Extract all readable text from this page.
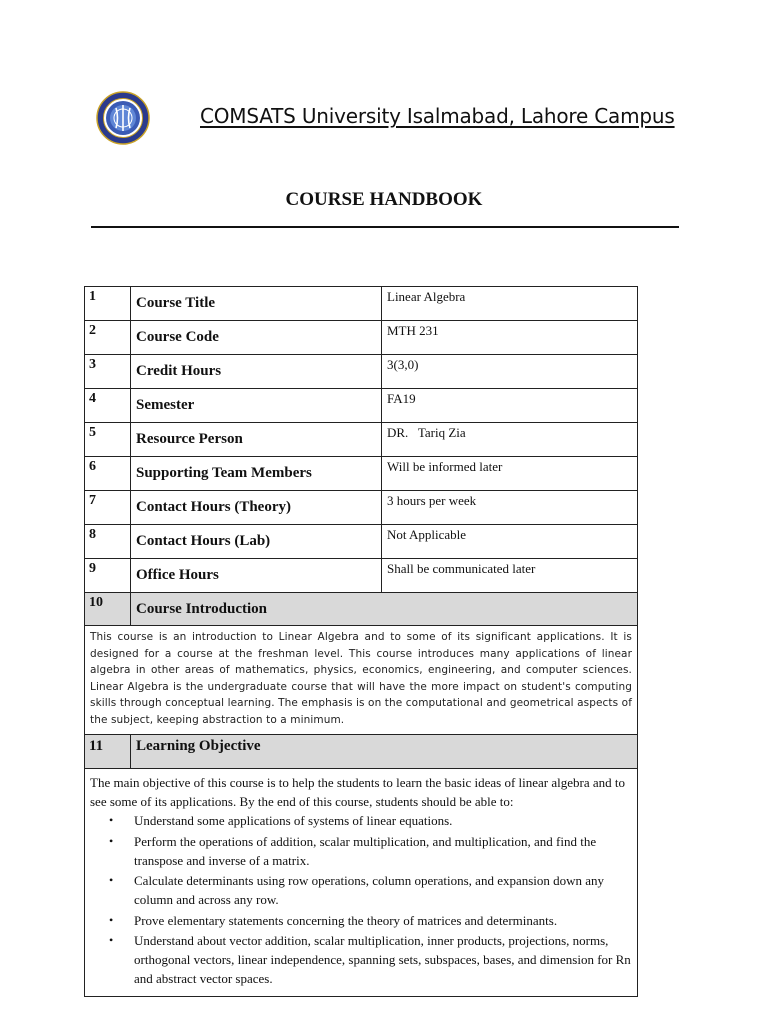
COMSATS University Isalmabad, Lahore Campus
COURSE HANDBOOK
1	Course Title	Linear Algebra
2	Course Code	MTH 231
3	Credit Hours	3(3,0)
4	Semester	FA19
5	Resource Person	DR.   Tariq Zia
6	Supporting Team Members	Will be informed later
7	Contact Hours (Theory)	3 hours per week
8	Contact Hours (Lab)	Not Applicable
9	Office Hours	Shall be communicated later
10	Course Introduction
This course is an introduction to Linear Algebra and to some of its significant applications. It is designed for a course at the freshman level. This course introduces many applications of linear algebra in other areas of mathematics, physics, economics, engineering, and computer sciences. Linear Algebra is the undergraduate course that will have the more impact on student's computing skills through conceptual learning. The emphasis is on the computational and geometrical aspects of the subject, keeping abstraction to a minimum.
11	Learning Objective
The main objective of this course is to help the students to learn the basic ideas of linear algebra and to see some of its applications. By the end of this course, students should be able to:
• Understand some applications of systems of linear equations.
• Perform the operations of addition, scalar multiplication, and multiplication, and find the transpose and inverse of a matrix.
• Calculate determinants using row operations, column operations, and expansion down any column and across any row.
• Prove elementary statements concerning the theory of matrices and determinants.
• Understand about vector addition, scalar multiplication, inner products, projections, norms, orthogonal vectors, linear independence, spanning sets, subspaces, bases, and dimension for Rn and abstract vector spaces.
